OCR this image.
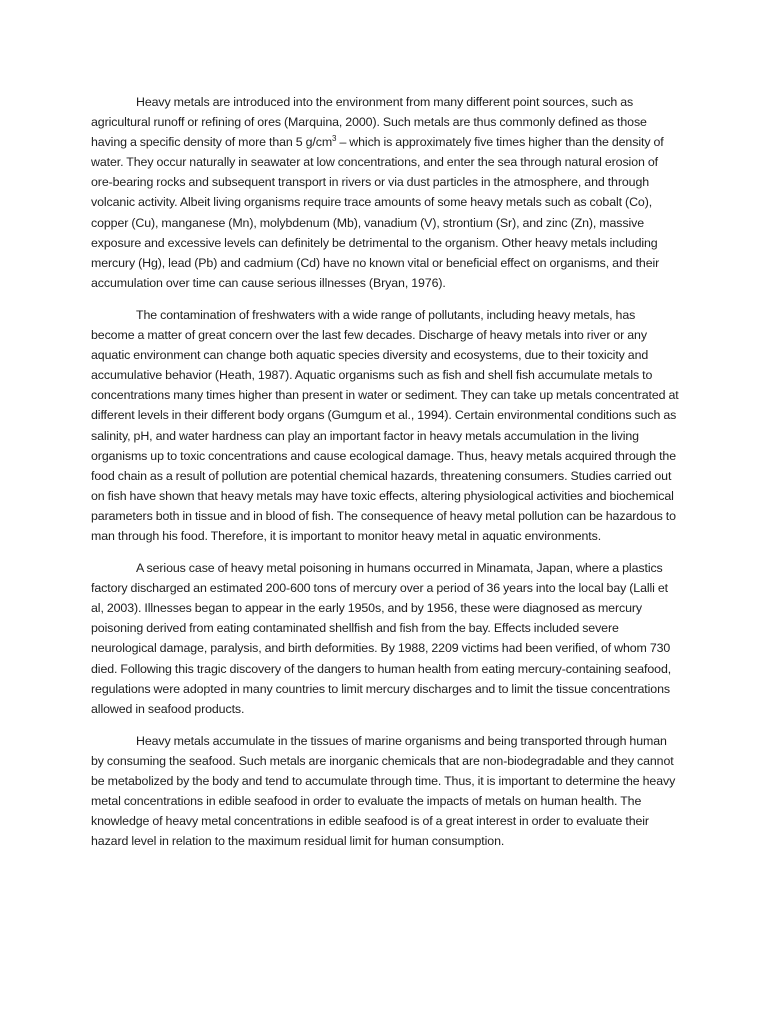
Heavy metals are introduced into the environment from many different point sources, such as agricultural runoff or refining of ores (Marquina, 2000). Such metals are thus commonly defined as those having a specific density of more than 5 $g/cm^3$ – which is approximately five times higher than the density of water. They occur naturally in seawater at low concentrations, and enter the sea through natural erosion of ore-bearing rocks and subsequent transport in rivers or via dust particles in the atmosphere, and through volcanic activity. Albeit living organisms require trace amounts of some heavy metals such as cobalt (Co), copper (Cu), manganese (Mn), molybdenum (Mb), vanadium (V), strontium (Sr), and zinc (Zn), massive exposure and excessive levels can definitely be detrimental to the organism. Other heavy metals including mercury (Hg), lead (Pb) and cadmium (Cd) have no known vital or beneficial effect on organisms, and their accumulation over time can cause serious illnesses (Bryan, 1976).

The contamination of freshwaters with a wide range of pollutants, including heavy metals, has become a matter of great concern over the last few decades. Discharge of heavy metals into river or any aquatic environment can change both aquatic species diversity and ecosystems, due to their toxicity and accumulative behavior (Heath, 1987). Aquatic organisms such as fish and shell fish accumulate metals to concentrations many times higher than present in water or sediment. They can take up metals concentrated at different levels in their different body organs (Gumgum et al., 1994). Certain environmental conditions such as salinity, pH, and water hardness can play an important factor in heavy metals accumulation in the living organisms up to toxic concentrations and cause ecological damage. Thus, heavy metals acquired through the food chain as a result of pollution are potential chemical hazards, threatening consumers. Studies carried out on fish have shown that heavy metals may have toxic effects, altering physiological activities and biochemical parameters both in tissue and in blood of fish. The consequence of heavy metal pollution can be hazardous to man through his food. Therefore, it is important to monitor heavy metal in aquatic environments.

A serious case of heavy metal poisoning in humans occurred in Minamata, Japan, where a plastics factory discharged an estimated 200-600 tons of mercury over a period of 36 years into the local bay (Lalli et al, 2003). Illnesses began to appear in the early 1950s, and by 1956, these were diagnosed as mercury poisoning derived from eating contaminated shellfish and fish from the bay. Effects included severe neurological damage, paralysis, and birth deformities. By 1988, 2209 victims had been verified, of whom 730 died. Following this tragic discovery of the dangers to human health from eating mercury-containing seafood, regulations were adopted in many countries to limit mercury discharges and to limit the tissue concentrations allowed in seafood products.

Heavy metals accumulate in the tissues of marine organisms and being transported through human by consuming the seafood. Such metals are inorganic chemicals that are non-biodegradable and they cannot be metabolized by the body and tend to accumulate through time. Thus, it is important to determine the heavy metal concentrations in edible seafood in order to evaluate the impacts of metals on human health. The knowledge of heavy metal concentrations in edible seafood is of a great interest in order to evaluate their hazard level in relation to the maximum residual limit for human consumption.
